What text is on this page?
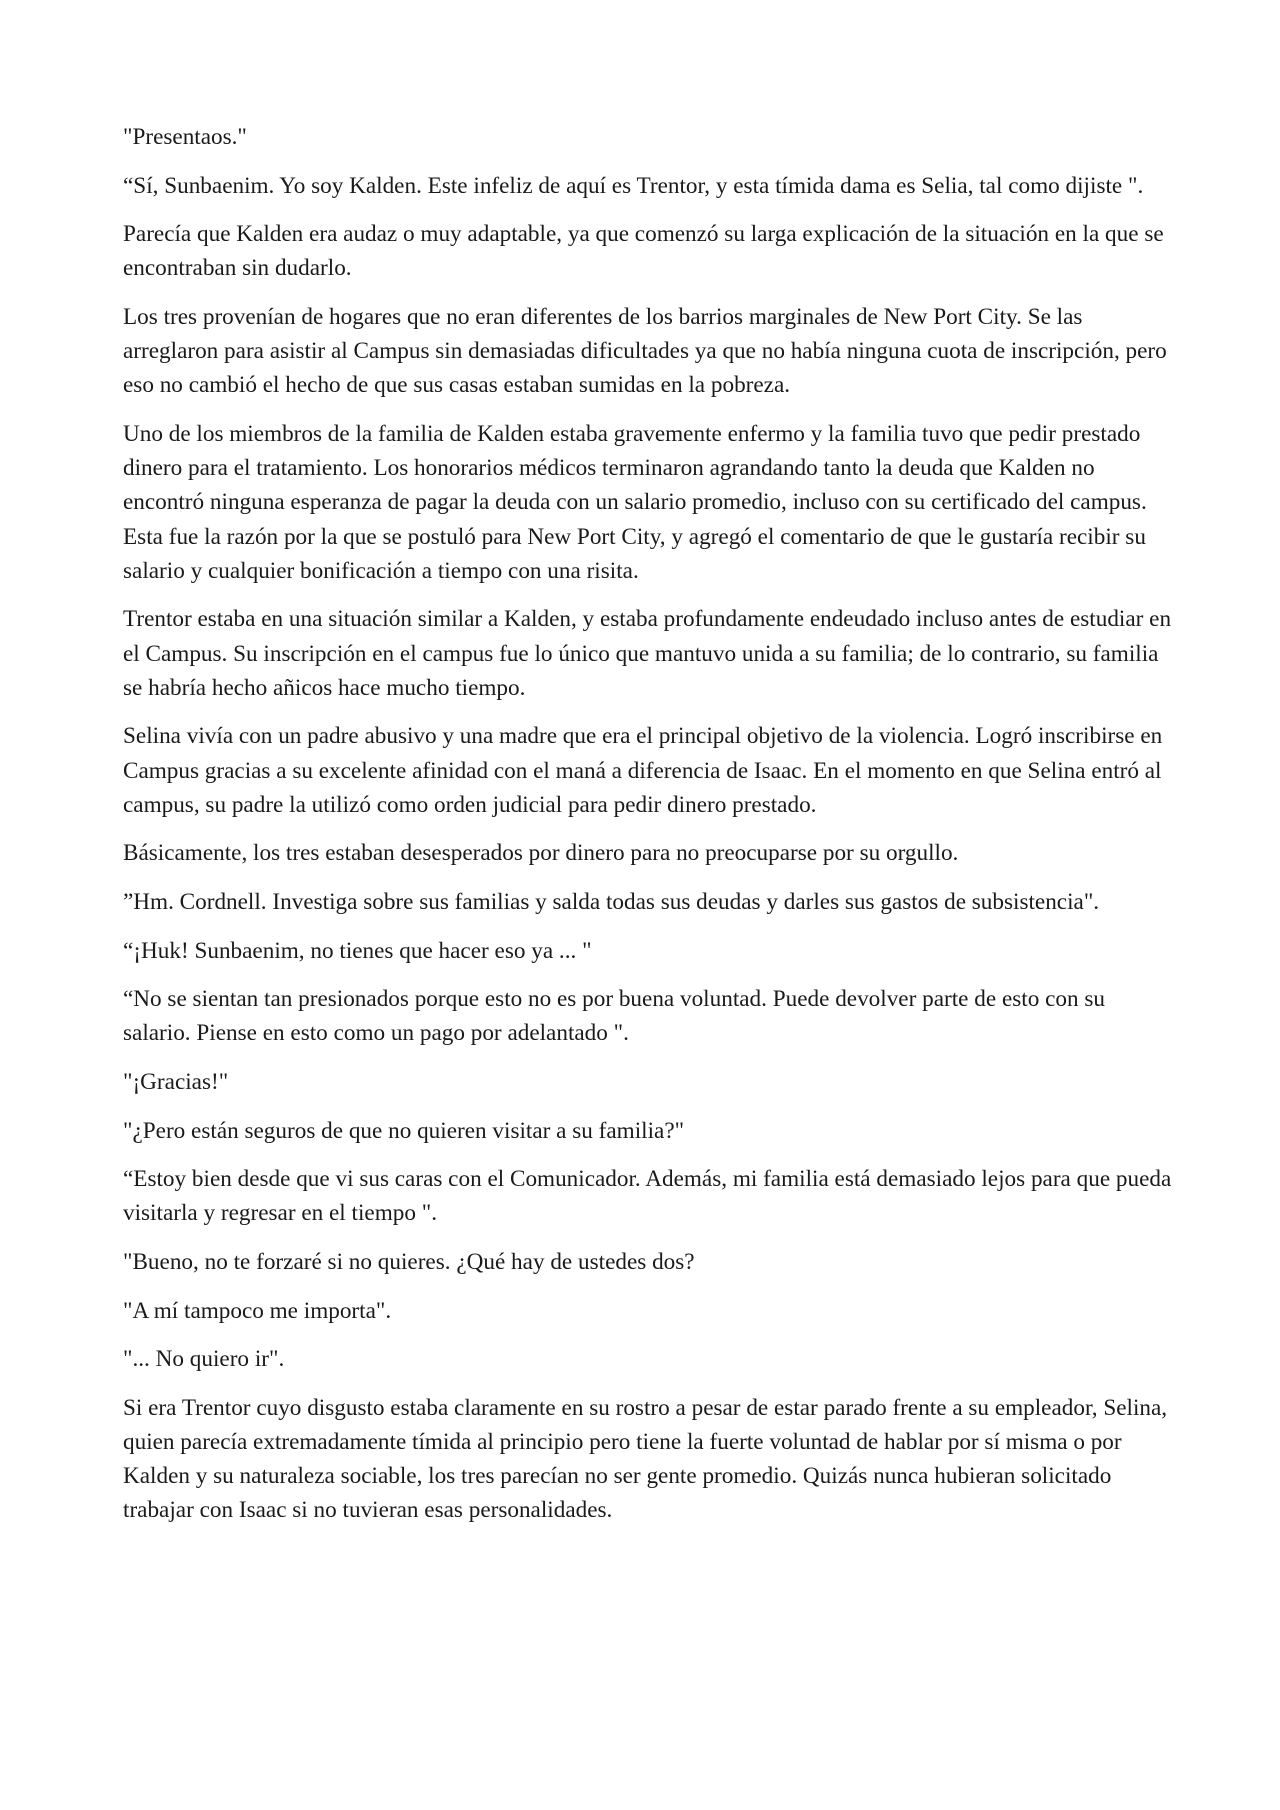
"Presentaos."

“Sí, Sunbaenim. Yo soy Kalden. Este infeliz de aquí es Trentor, y esta tímida dama es Selia, tal como dijiste ".

Parecía que Kalden era audaz o muy adaptable, ya que comenzó su larga explicación de la situación en la que se encontraban sin dudarlo.

Los tres provenían de hogares que no eran diferentes de los barrios marginales de New Port City. Se las arreglaron para asistir al Campus sin demasiadas dificultades ya que no había ninguna cuota de inscripción, pero eso no cambió el hecho de que sus casas estaban sumidas en la pobreza.

Uno de los miembros de la familia de Kalden estaba gravemente enfermo y la familia tuvo que pedir prestado dinero para el tratamiento. Los honorarios médicos terminaron agrandando tanto la deuda que Kalden no encontró ninguna esperanza de pagar la deuda con un salario promedio, incluso con su certificado del campus. Esta fue la razón por la que se postuló para New Port City, y agregó el comentario de que le gustaría recibir su salario y cualquier bonificación a tiempo con una risita.

Trentor estaba en una situación similar a Kalden, y estaba profundamente endeudado incluso antes de estudiar en el Campus. Su inscripción en el campus fue lo único que mantuvo unida a su familia; de lo contrario, su familia se habría hecho añicos hace mucho tiempo.

Selina vivía con un padre abusivo y una madre que era el principal objetivo de la violencia. Logró inscribirse en Campus gracias a su excelente afinidad con el maná a diferencia de Isaac. En el momento en que Selina entró al campus, su padre la utilizó como orden judicial para pedir dinero prestado.

Básicamente, los tres estaban desesperados por dinero para no preocuparse por su orgullo.

”Hm. Cordnell. Investiga sobre sus familias y salda todas sus deudas y darles sus gastos de subsistencia".

“¡Huk! Sunbaenim, no tienes que hacer eso ya ... "

“No se sientan tan presionados porque esto no es por buena voluntad. Puede devolver parte de esto con su salario. Piense en esto como un pago por adelantado ".

"¡Gracias!"

"¿Pero están seguros de que no quieren visitar a su familia?"

“Estoy bien desde que vi sus caras con el Comunicador. Además, mi familia está demasiado lejos para que pueda visitarla y regresar en el tiempo ".

"Bueno, no te forzaré si no quieres. ¿Qué hay de ustedes dos?

"A mí tampoco me importa".

"... No quiero ir".

Si era Trentor cuyo disgusto estaba claramente en su rostro a pesar de estar parado frente a su empleador, Selina, quien parecía extremadamente tímida al principio pero tiene la fuerte voluntad de hablar por sí misma o por Kalden y su naturaleza sociable, los tres parecían no ser gente promedio. Quizás nunca hubieran solicitado trabajar con Isaac si no tuvieran esas personalidades.
